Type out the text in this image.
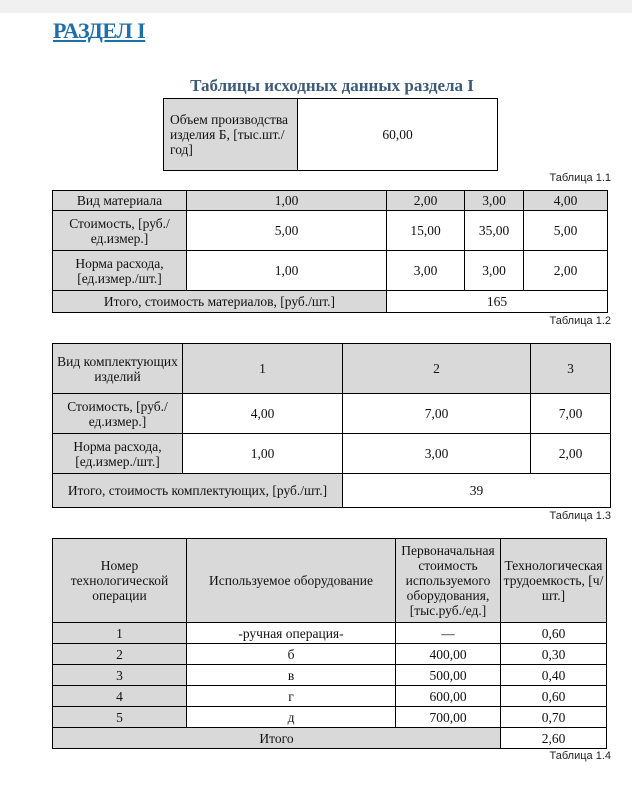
РАЗДЕЛ I
Таблицы исходных данных раздела I
Объем производства изделия Б, [тыс.шт./год]	60,00
Таблица 1.1
Вид материала	1,00	2,00	3,00	4,00
Стоимость, [руб./ед.измер.]	5,00	15,00	35,00	5,00
Норма расхода, [ед.измер./шт.]	1,00	3,00	3,00	2,00
Итого, стоимость материалов, [руб./шт.]		165		
Таблица 1.2
Вид комплектующих изделий	1	2	3
Стоимость, [руб./ед.измер.]	4,00	7,00	7,00
Норма расхода, [ед.измер./шт.]	1,00	3,00	2,00
Итого, стоимость комплектующих, [руб./шт.]		39	
Таблица 1.3
Номер технологической операции	Используемое оборудование	Первоначальная стоимость используемого оборудования, [тыс.руб./ед.]	Технологическая трудоемкость, [ч/шт.]
1	-ручная операция-	—	0,60
2	б	400,00	0,30
3	в	500,00	0,40
4	г	600,00	0,60
5	д	700,00	0,70
Итого			2,60
Таблица 1.4
